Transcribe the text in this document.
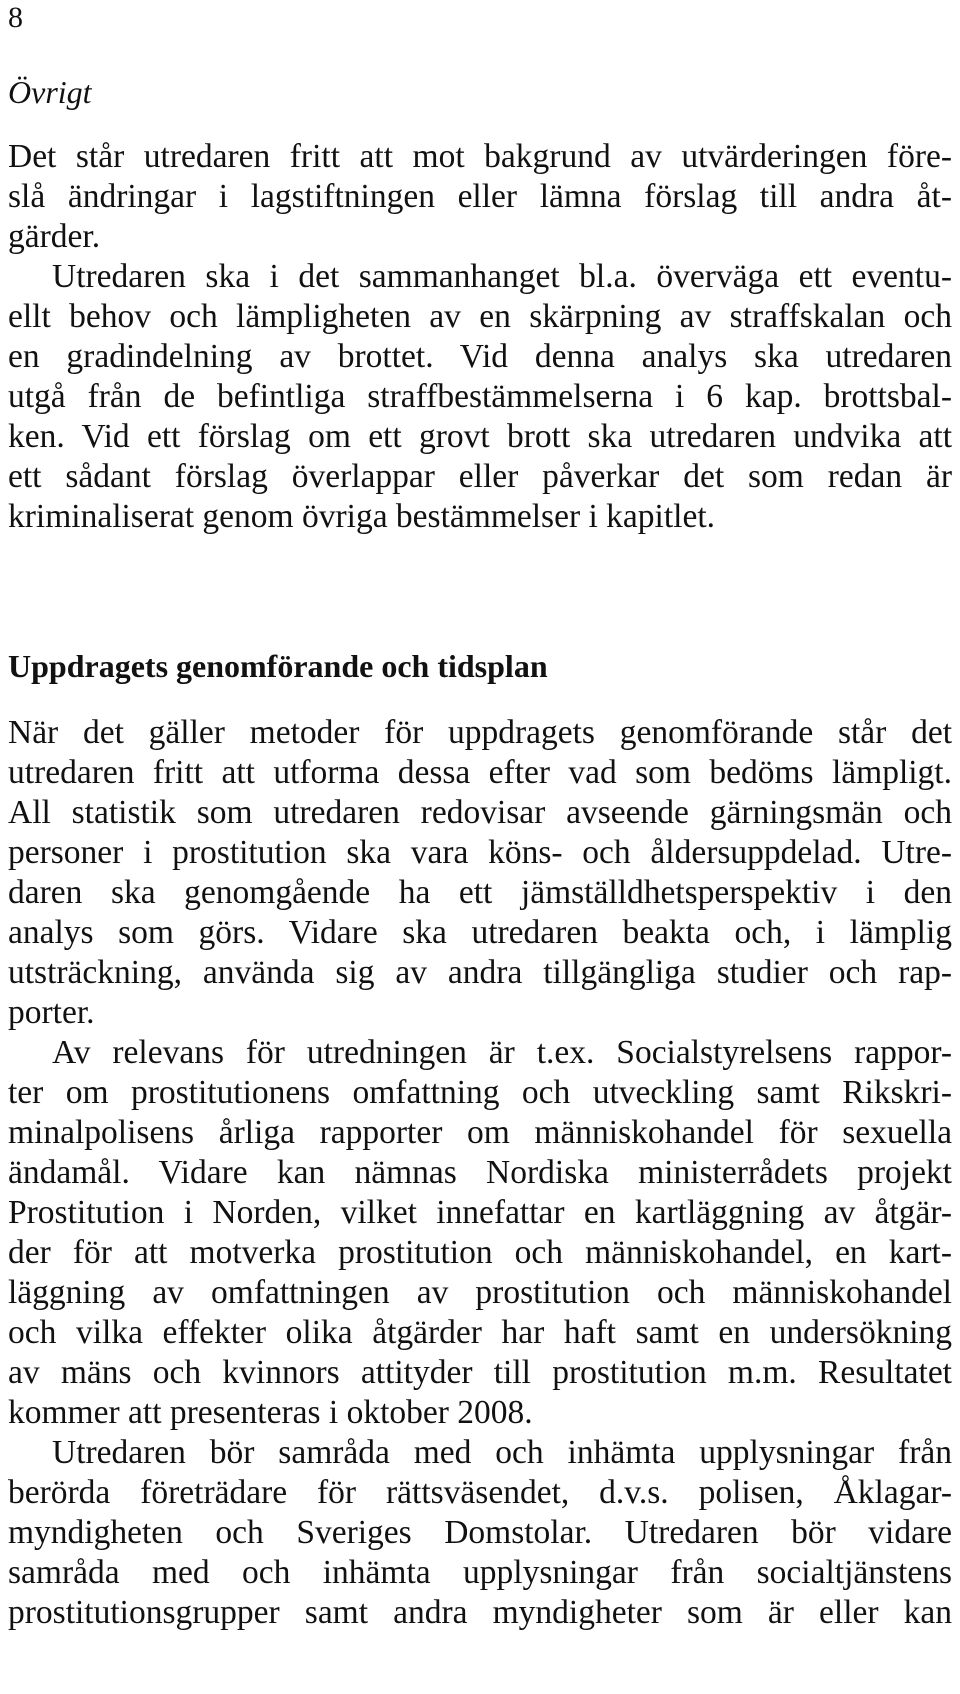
8
Övrigt
Det står utredaren fritt att mot bakgrund av utvärderingen före-
slå ändringar i lagstiftningen eller lämna förslag till andra åt-
gärder.
Utredaren ska i det sammanhanget bl.a. överväga ett eventu-
ellt behov och lämpligheten av en skärpning av straffskalan och
en gradindelning av brottet. Vid denna analys ska utredaren
utgå från de befintliga straffbestämmelserna i 6 kap. brottsbal-
ken. Vid ett förslag om ett grovt brott ska utredaren undvika att
ett sådant förslag överlappar eller påverkar det som redan är
kriminaliserat genom övriga bestämmelser i kapitlet.
Uppdragets genomförande och tidsplan
När det gäller metoder för uppdragets genomförande står det
utredaren fritt att utforma dessa efter vad som bedöms lämpligt.
All statistik som utredaren redovisar avseende gärningsmän och
personer i prostitution ska vara köns- och åldersuppdelad. Utre-
daren ska genomgående ha ett jämställdhetsperspektiv i den
analys som görs. Vidare ska utredaren beakta och, i lämplig
utsträckning, använda sig av andra tillgängliga studier och rap-
porter.
Av relevans för utredningen är t.ex. Socialstyrelsens rappor-
ter om prostitutionens omfattning och utveckling samt Rikskri-
minalpolisens årliga rapporter om människohandel för sexuella
ändamål. Vidare kan nämnas Nordiska ministerrådets projekt
Prostitution i Norden, vilket innefattar en kartläggning av åtgär-
der för att motverka prostitution och människohandel, en kart-
läggning av omfattningen av prostitution och människohandel
och vilka effekter olika åtgärder har haft samt en undersökning
av mäns och kvinnors attityder till prostitution m.m. Resultatet
kommer att presenteras i oktober 2008.
Utredaren bör samråda med och inhämta upplysningar från
berörda företrädare för rättsväsendet, d.v.s. polisen, Åklagar-
myndigheten och Sveriges Domstolar. Utredaren bör vidare
samråda med och inhämta upplysningar från socialtjänstens
prostitutionsgrupper samt andra myndigheter som är eller kan
